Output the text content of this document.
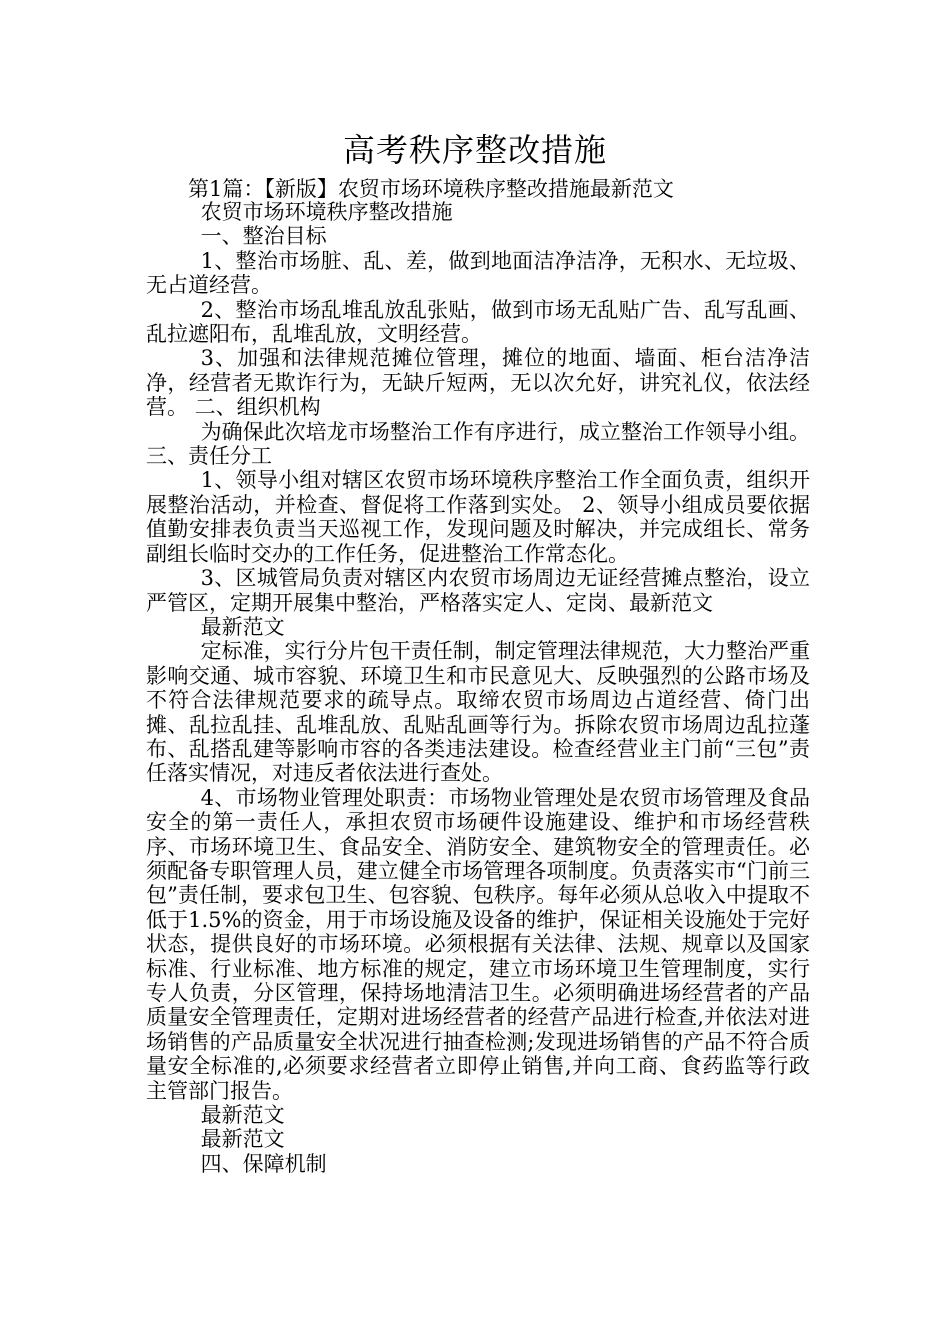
高考秩序整改措施
第1篇：【新版】农贸市场环境秩序整改措施最新范文

农贸市场环境秩序整改措施

一、整治目标

1、整治市场脏、乱、差，做到地面洁净洁净，无积水、无垃圾、无占道经营。

2、整治市场乱堆乱放乱张贴，做到市场无乱贴广告、乱写乱画、乱拉遮阳布，乱堆乱放，文明经营。

3、加强和法律规范摊位管理，摊位的地面、墙面、柜台洁净洁净，经营者无欺诈行为，无缺斤短两，无以次允好，讲究礼仪，依法经营。 二、组织机构

为确保此次培龙市场整治工作有序进行，成立整治工作领导小组。 三、责任分工

1、领导小组对辖区农贸市场环境秩序整治工作全面负责，组织开展整治活动，并检查、督促将工作落到实处。 2、领导小组成员要依据值勤安排表负责当天巡视工作，发现问题及时解决，并完成组长、常务副组长临时交办的工作任务，促进整治工作常态化。

3、区城管局负责对辖区内农贸市场周边无证经营摊点整治，设立严管区，定期开展集中整治，严格落实定人、定岗、最新范文

最新范文

定标准，实行分片包干责任制，制定管理法律规范，大力整治严重影响交通、城市容貌、环境卫生和市民意见大、反映强烈的公路市场及不符合法律规范要求的疏导点。取缔农贸市场周边占道经营、倚门出摊、乱拉乱挂、乱堆乱放、乱贴乱画等行为。拆除农贸市场周边乱拉蓬布、乱搭乱建等影响市容的各类违法建设。检查经营业主门前“三包”责任落实情况，对违反者依法进行查处。

4、市场物业管理处职责：市场物业管理处是农贸市场管理及食品安全的第一责任人，承担农贸市场硬件设施建设、维护和市场经营秩序、市场环境卫生、食品安全、消防安全、建筑物安全的管理责任。必须配备专职管理人员，建立健全市场管理各项制度。负责落实市“门前三包”责任制，要求包卫生、包容貌、包秩序。每年必须从总收入中提取不低于1.5%的资金，用于市场设施及设备的维护，保证相关设施处于完好状态，提供良好的市场环境。必须根据有关法律、法规、规章以及国家标准、行业标准、地方标准的规定，建立市场环境卫生管理制度，实行专人负责，分区管理，保持场地清洁卫生。必须明确进场经营者的产品质量安全管理责任，定期对进场经营者的经营产品进行检查,并依法对进场销售的产品质量安全状况进行抽查检测;发现进场销售的产品不符合质量安全标准的,必须要求经营者立即停止销售,并向工商、食药监等行政主管部门报告。

最新范文

最新范文

四、保障机制
